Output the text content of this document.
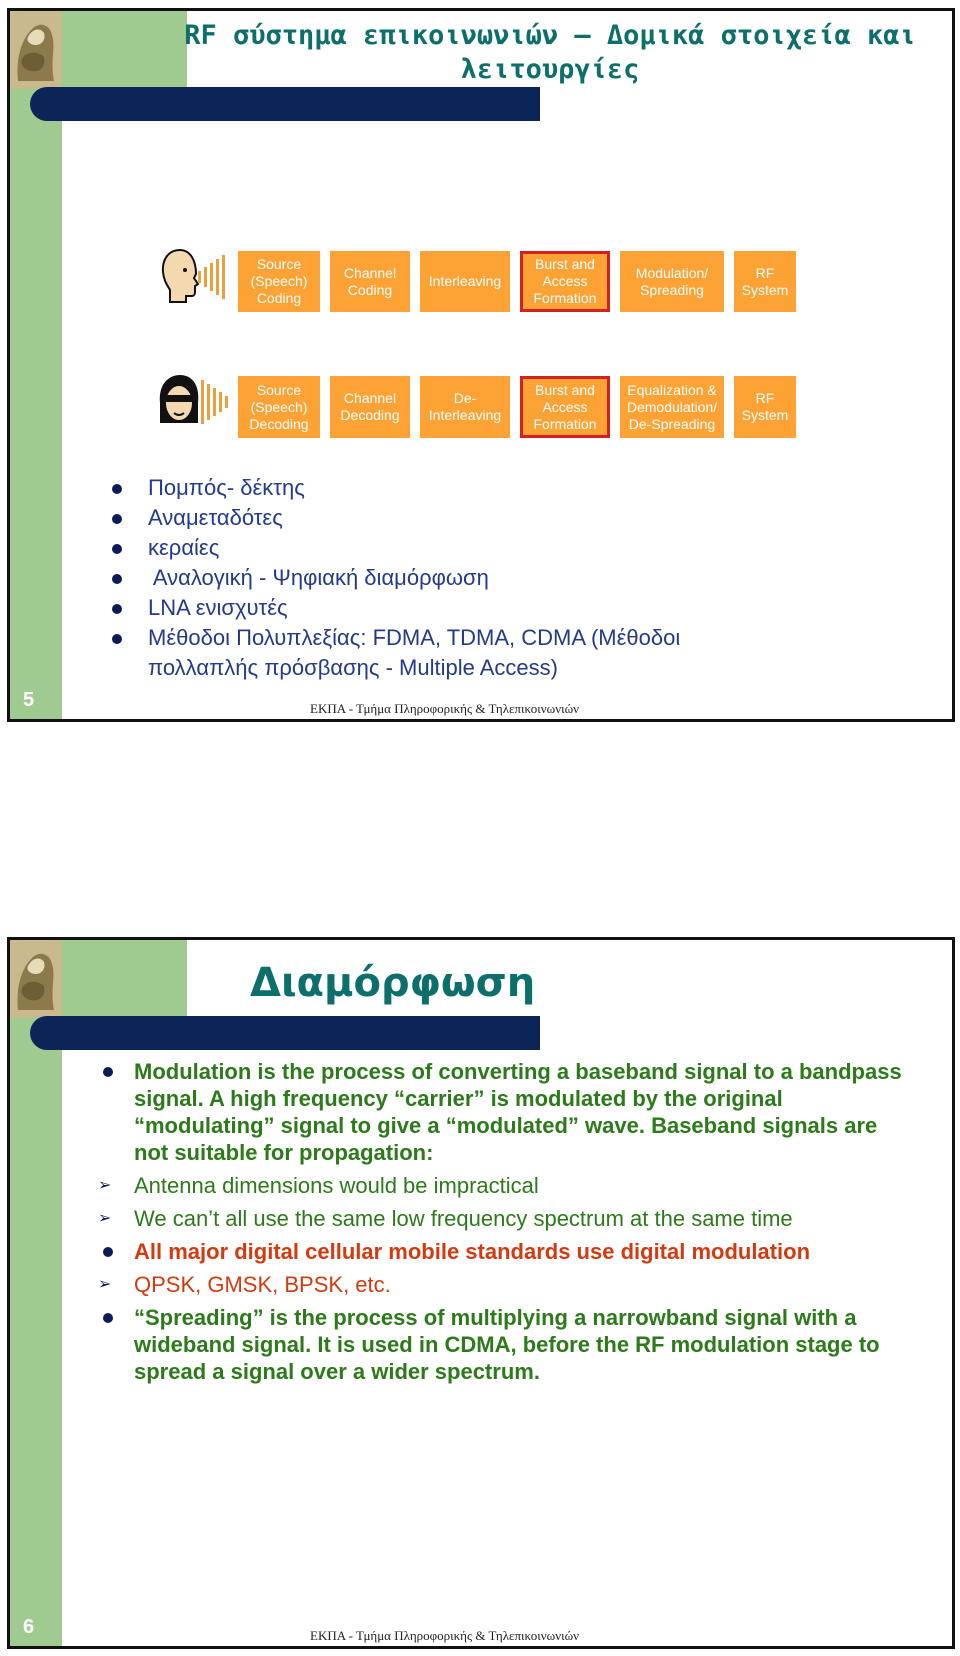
RF σύστημα επικοινωνιών – Δομικά στοιχεία και
λειτουργίες
Source
(Speech)
Coding
Channel
Coding
Interleaving
Burst and
Access
Formation
Modulation/
Spreading
RF
System
Source
(Speech)
Decoding
Channel
Decoding
De-
Interleaving
Burst and
Access
Formation
Equalization &
Demodulation/
De-Spreading
RF
System
Πομπός- δέκτης
Αναμεταδότες
κεραίες
Αναλογική - Ψηφιακή διαμόρφωση
LNA ενισχυτές
Μέθοδοι Πολυπλεξίας: FDMA, TDMA, CDMA (Μέθοδοι πολλαπλής πρόσβασης - Multiple Access)
5	ΕΚΠΑ - Τμήμα Πληροφορικής & Τηλεπικοινωνιών
Διαμόρφωση
Modulation is the process of converting a baseband signal to a bandpass signal. A high frequency “carrier” is modulated by the original “modulating” signal to give a “modulated” wave. Baseband signals are not suitable for propagation:
➢ Antenna dimensions would be impractical
➢ We can’t all use the same low frequency spectrum at the same time
All major digital cellular mobile standards use digital modulation
➢ QPSK, GMSK, BPSK, etc.
“Spreading” is the process of multiplying a narrowband signal with a wideband signal. It is used in CDMA, before the RF modulation stage to spread a signal over a wider spectrum.
6	ΕΚΠΑ - Τμήμα Πληροφορικής & Τηλεπικοινωνιών
